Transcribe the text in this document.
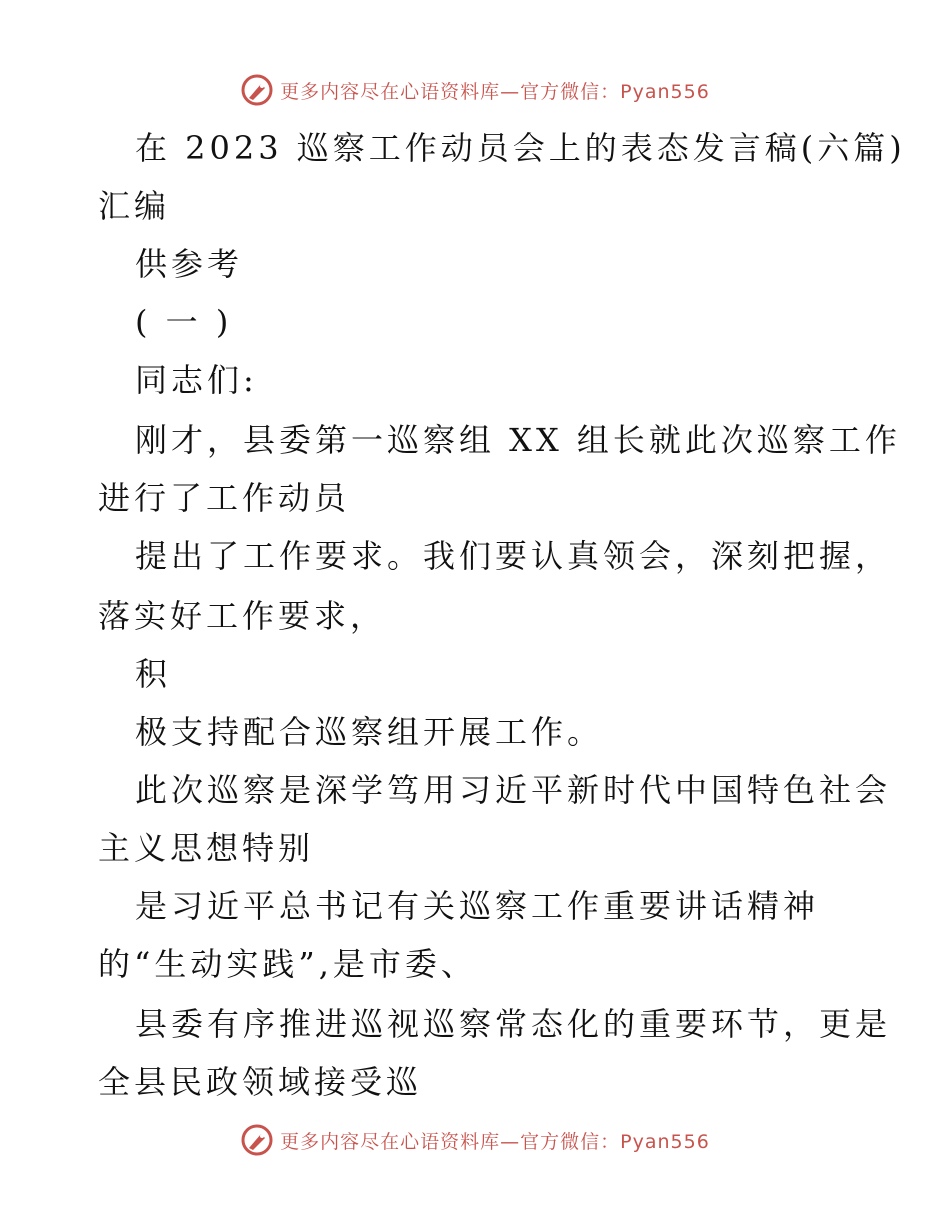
更多内容尽在心语资料库—官方微信：Pyan556
在 2023 巡察工作动员会上的表态发言稿(六篇)
汇编
供参考
( 一 )
同志们:
刚才，县委第一巡察组 XX 组长就此次巡察工作
进行了工作动员
提出了工作要求。我们要认真领会，深刻把握，
落实好工作要求，
积
极支持配合巡察组开展工作。
此次巡察是深学笃用习近平新时代中国特色社会
主义思想特别
是习近平总书记有关巡察工作重要讲话精神
的“生动实践”,是市委、
县委有序推进巡视巡察常态化的重要环节，更是
全县民政领域接受巡
更多内容尽在心语资料库—官方微信：Pyan556
